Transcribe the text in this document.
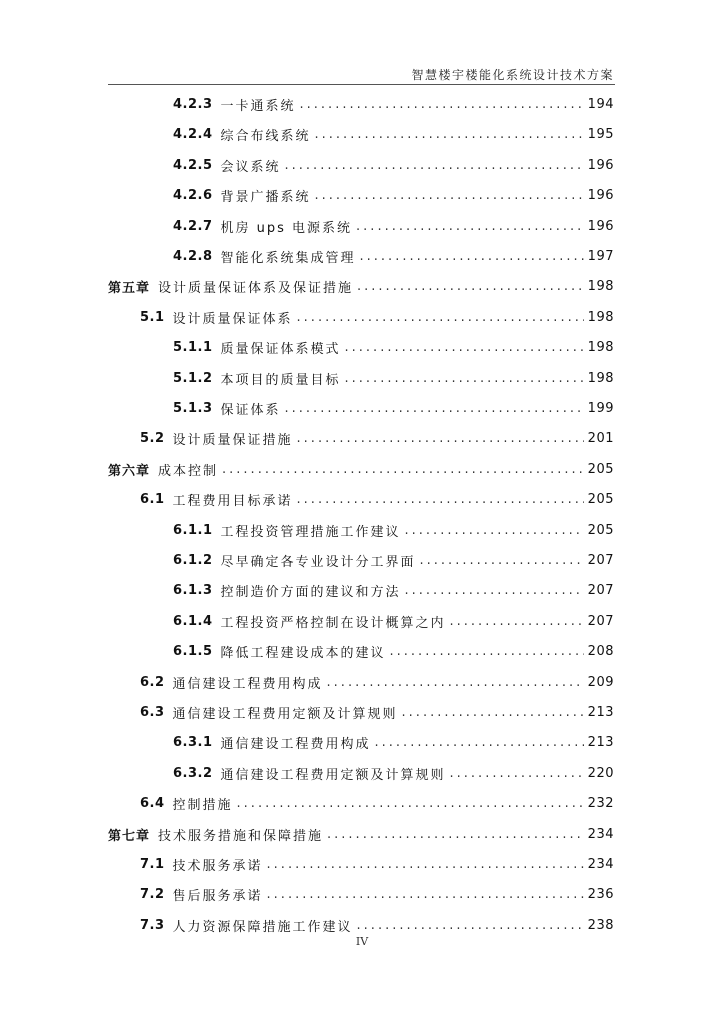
智慧楼宇楼能化系统设计技术方案
4.2.3 一卡通系统 .....	194
4.2.4 综合布线系统 .....	195
4.2.5 会议系统 .....	196
4.2.6 背景广播系统 .....	196
4.2.7 机房 ups 电源系统 .....	196
4.2.8 智能化系统集成管理 .....	197
第五章 设计质量保证体系及保证措施 .....	198
5.1 设计质量保证体系 .....	198
5.1.1 质量保证体系模式 .....	198
5.1.2 本项目的质量目标 .....	198
5.1.3 保证体系 .....	199
5.2 设计质量保证措施 .....	201
第六章 成本控制 .....	205
6.1 工程费用目标承诺 .....	205
6.1.1 工程投资管理措施工作建议 .....	205
6.1.2 尽早确定各专业设计分工界面 .....	207
6.1.3 控制造价方面的建议和方法 .....	207
6.1.4 工程投资严格控制在设计概算之内 .....	207
6.1.5 降低工程建设成本的建议 .....	208
6.2 通信建设工程费用构成 .....	209
6.3 通信建设工程费用定额及计算规则 .....	213
6.3.1 通信建设工程费用构成 .....	213
6.3.2 通信建设工程费用定额及计算规则 .....	220
6.4 控制措施 .....	232
第七章 技术服务措施和保障措施 .....	234
7.1 技术服务承诺 .....	234
7.2 售后服务承诺 .....	236
7.3 人力资源保障措施工作建议 .....	238
IV
